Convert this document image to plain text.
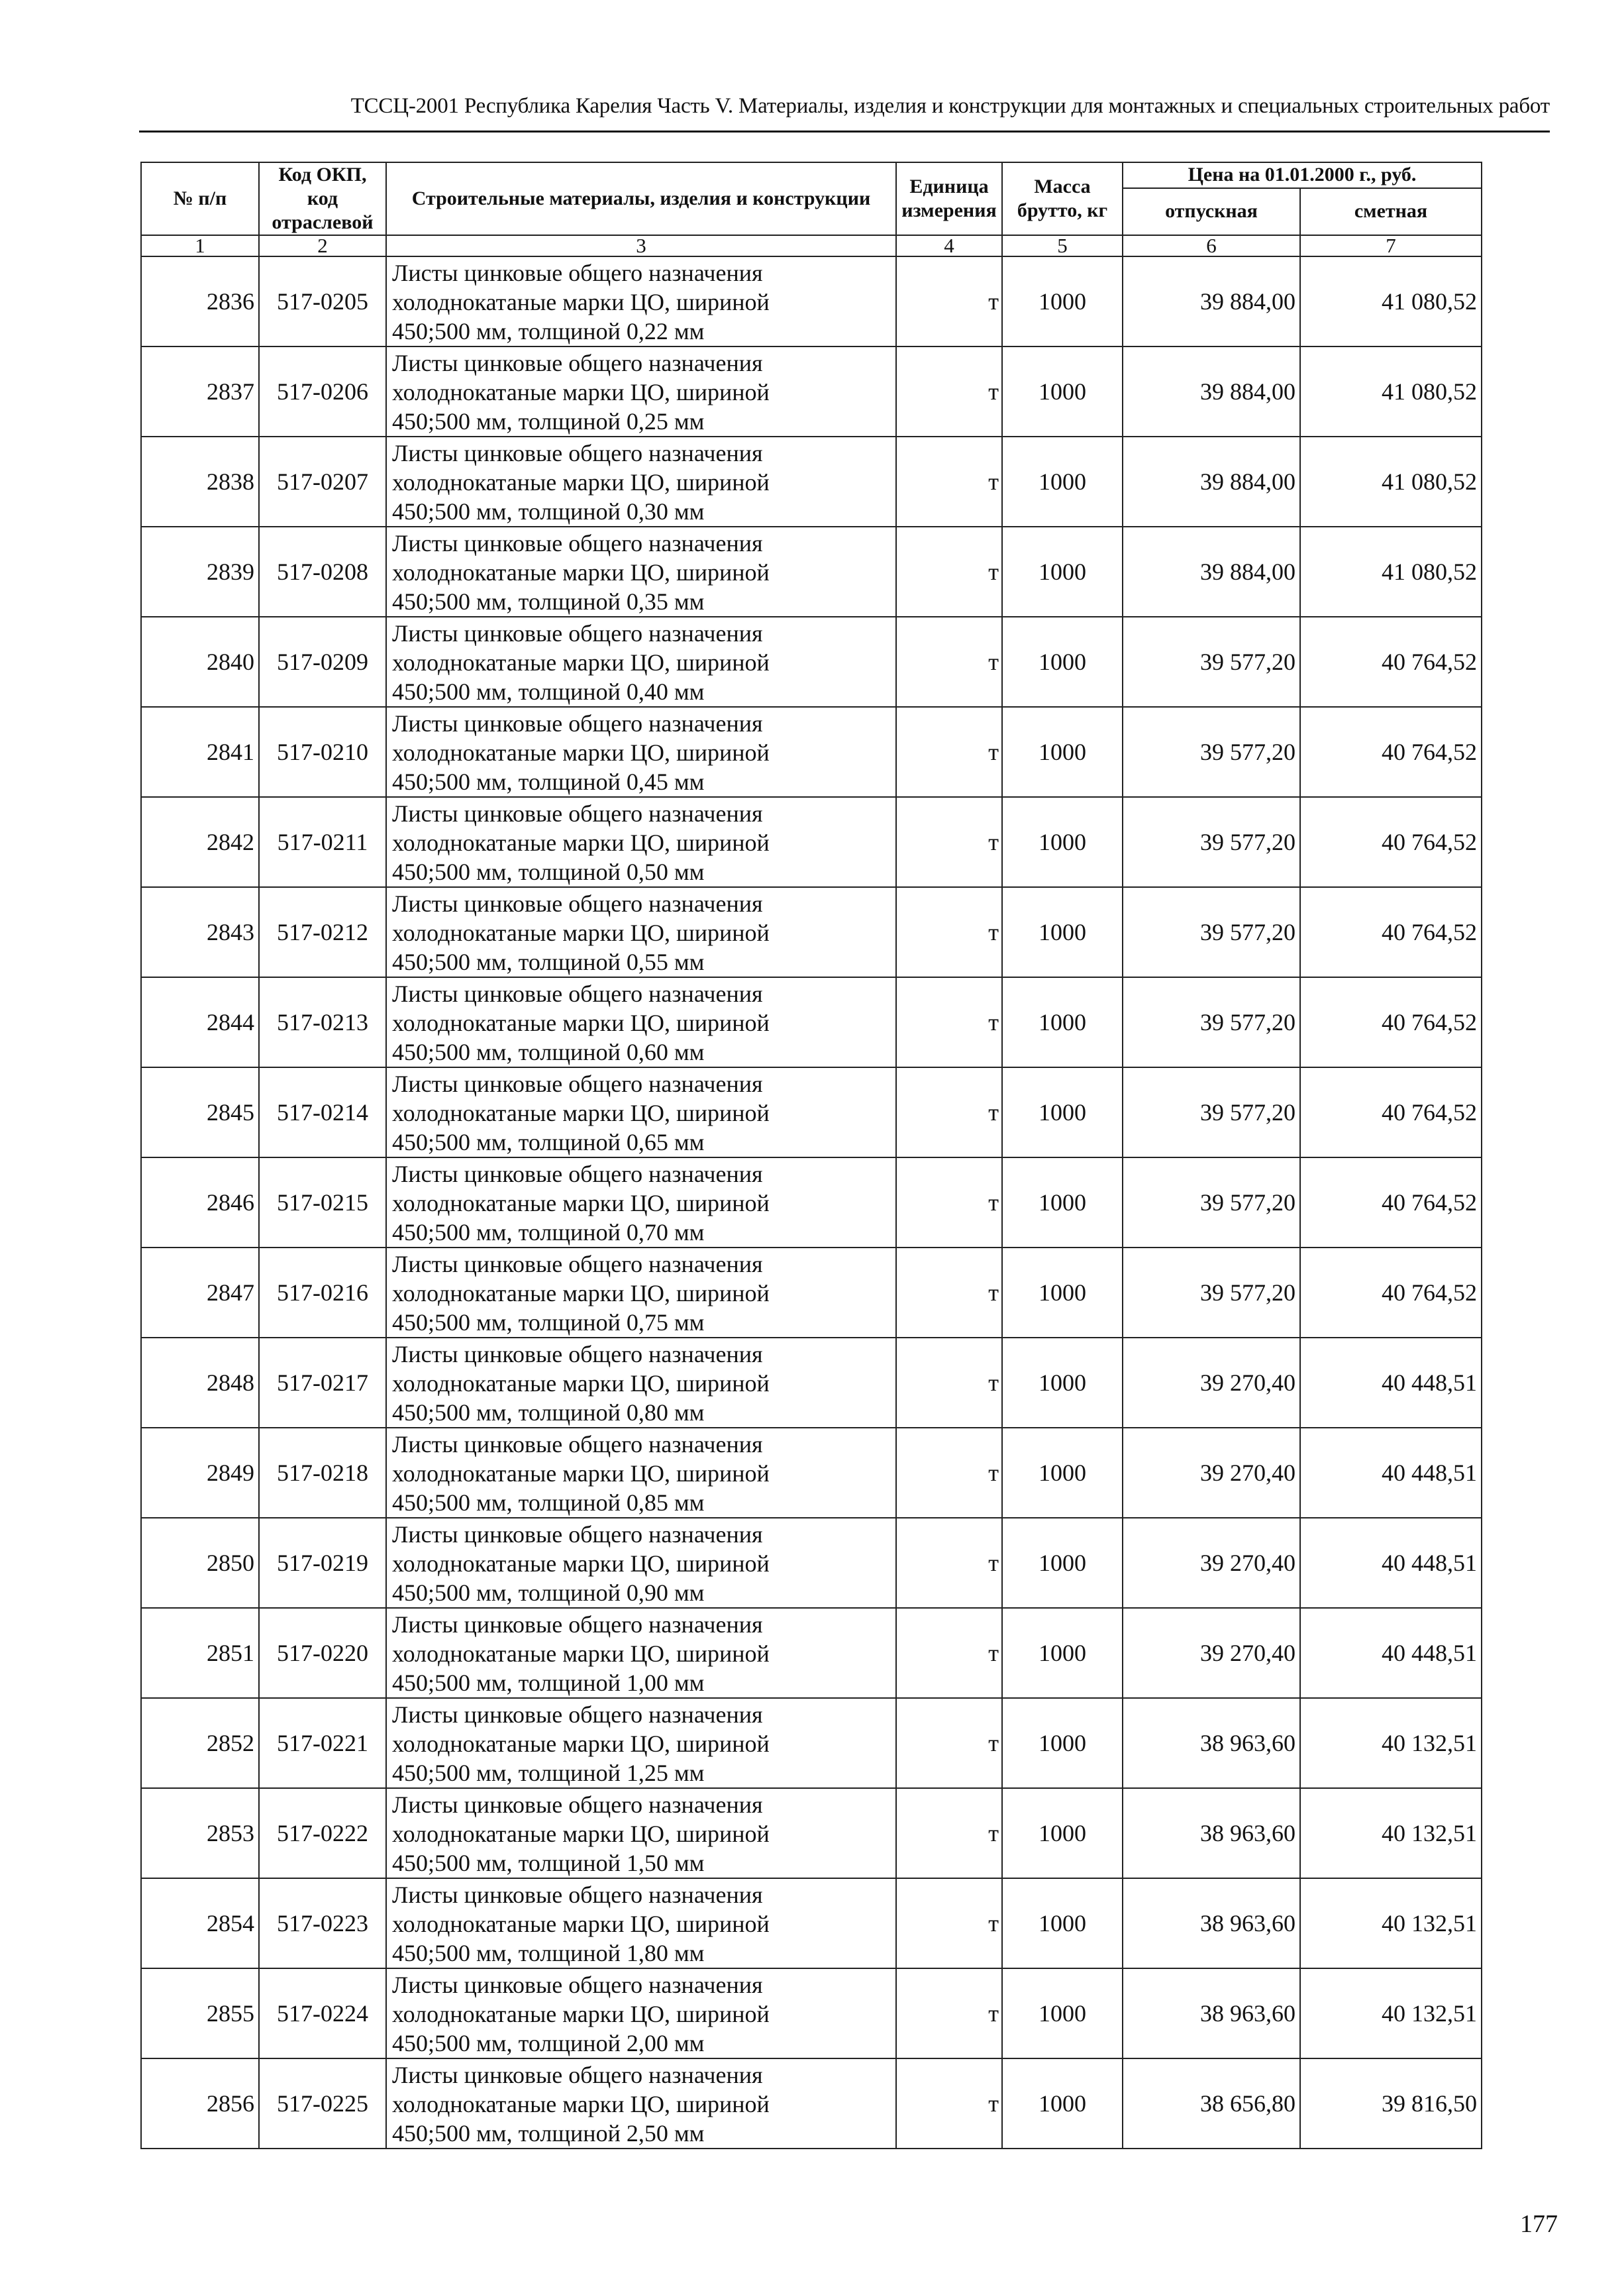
ТССЦ-2001 Республика Карелия Часть V. Материалы, изделия и конструкции для монтажных и специальных строительных работ
№ п/п	Код ОКП, код отраслевой	Строительные материалы, изделия и конструкции	Единица измерения	Масса брутто, кг	Цена на 01.01.2000 г., руб.	
					отпускная	сметная
1	2	3	4	5	6	7
2836	517-0205	Листы цинковые общего назначения
холоднокатаные марки ЦО, шириной
450;500 мм, толщиной 0,22 мм	т	1000	39 884,00	41 080,52
2837	517-0206	Листы цинковые общего назначения
холоднокатаные марки ЦО, шириной
450;500 мм, толщиной 0,25 мм	т	1000	39 884,00	41 080,52
2838	517-0207	Листы цинковые общего назначения
холоднокатаные марки ЦО, шириной
450;500 мм, толщиной 0,30 мм	т	1000	39 884,00	41 080,52
2839	517-0208	Листы цинковые общего назначения
холоднокатаные марки ЦО, шириной
450;500 мм, толщиной 0,35 мм	т	1000	39 884,00	41 080,52
2840	517-0209	Листы цинковые общего назначения
холоднокатаные марки ЦО, шириной
450;500 мм, толщиной 0,40 мм	т	1000	39 577,20	40 764,52
2841	517-0210	Листы цинковые общего назначения
холоднокатаные марки ЦО, шириной
450;500 мм, толщиной 0,45 мм	т	1000	39 577,20	40 764,52
2842	517-0211	Листы цинковые общего назначения
холоднокатаные марки ЦО, шириной
450;500 мм, толщиной 0,50 мм	т	1000	39 577,20	40 764,52
2843	517-0212	Листы цинковые общего назначения
холоднокатаные марки ЦО, шириной
450;500 мм, толщиной 0,55 мм	т	1000	39 577,20	40 764,52
2844	517-0213	Листы цинковые общего назначения
холоднокатаные марки ЦО, шириной
450;500 мм, толщиной 0,60 мм	т	1000	39 577,20	40 764,52
2845	517-0214	Листы цинковые общего назначения
холоднокатаные марки ЦО, шириной
450;500 мм, толщиной 0,65 мм	т	1000	39 577,20	40 764,52
2846	517-0215	Листы цинковые общего назначения
холоднокатаные марки ЦО, шириной
450;500 мм, толщиной 0,70 мм	т	1000	39 577,20	40 764,52
2847	517-0216	Листы цинковые общего назначения
холоднокатаные марки ЦО, шириной
450;500 мм, толщиной 0,75 мм	т	1000	39 577,20	40 764,52
2848	517-0217	Листы цинковые общего назначения
холоднокатаные марки ЦО, шириной
450;500 мм, толщиной 0,80 мм	т	1000	39 270,40	40 448,51
2849	517-0218	Листы цинковые общего назначения
холоднокатаные марки ЦО, шириной
450;500 мм, толщиной 0,85 мм	т	1000	39 270,40	40 448,51
2850	517-0219	Листы цинковые общего назначения
холоднокатаные марки ЦО, шириной
450;500 мм, толщиной 0,90 мм	т	1000	39 270,40	40 448,51
2851	517-0220	Листы цинковые общего назначения
холоднокатаные марки ЦО, шириной
450;500 мм, толщиной 1,00 мм	т	1000	39 270,40	40 448,51
2852	517-0221	Листы цинковые общего назначения
холоднокатаные марки ЦО, шириной
450;500 мм, толщиной 1,25 мм	т	1000	38 963,60	40 132,51
2853	517-0222	Листы цинковые общего назначения
холоднокатаные марки ЦО, шириной
450;500 мм, толщиной 1,50 мм	т	1000	38 963,60	40 132,51
2854	517-0223	Листы цинковые общего назначения
холоднокатаные марки ЦО, шириной
450;500 мм, толщиной 1,80 мм	т	1000	38 963,60	40 132,51
2855	517-0224	Листы цинковые общего назначения
холоднокатаные марки ЦО, шириной
450;500 мм, толщиной 2,00 мм	т	1000	38 963,60	40 132,51
2856	517-0225	Листы цинковые общего назначения
холоднокатаные марки ЦО, шириной
450;500 мм, толщиной 2,50 мм	т	1000	38 656,80	39 816,50
177
